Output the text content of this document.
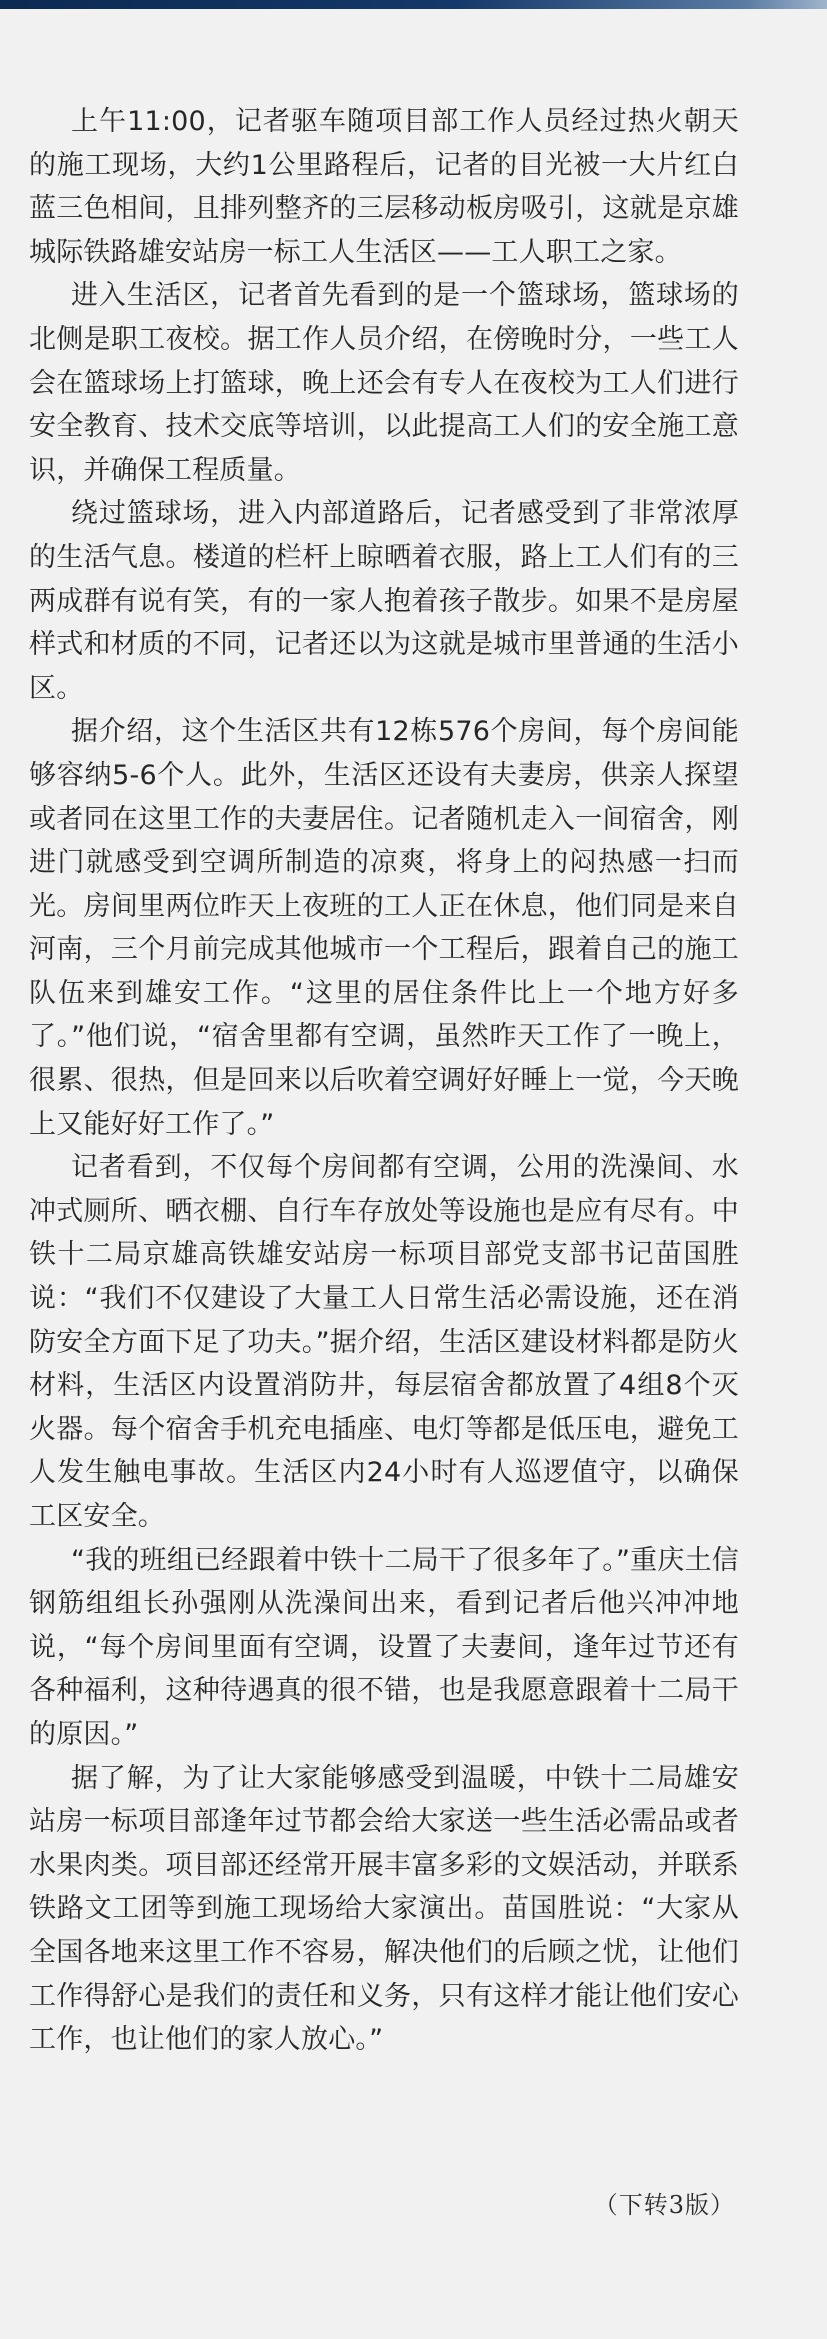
上午11:00，记者驱车随项目部工作人员经过热火朝天的施工现场，大约1公里路程后，记者的目光被一大片红白蓝三色相间，且排列整齐的三层移动板房吸引，这就是京雄城际铁路雄安站房一标工人生活区——工人职工之家。

进入生活区，记者首先看到的是一个篮球场，篮球场的北侧是职工夜校。据工作人员介绍，在傍晚时分，一些工人会在篮球场上打篮球，晚上还会有专人在夜校为工人们进行安全教育、技术交底等培训，以此提高工人们的安全施工意识，并确保工程质量。

绕过篮球场，进入内部道路后，记者感受到了非常浓厚的生活气息。楼道的栏杆上晾晒着衣服，路上工人们有的三两成群有说有笑，有的一家人抱着孩子散步。如果不是房屋样式和材质的不同，记者还以为这就是城市里普通的生活小区。

据介绍，这个生活区共有12栋576个房间，每个房间能够容纳5-6个人。此外，生活区还设有夫妻房，供亲人探望或者同在这里工作的夫妻居住。记者随机走入一间宿舍，刚进门就感受到空调所制造的凉爽，将身上的闷热感一扫而光。房间里两位昨天上夜班的工人正在休息，他们同是来自河南，三个月前完成其他城市一个工程后，跟着自己的施工队伍来到雄安工作。“这里的居住条件比上一个地方好多了。”他们说，“宿舍里都有空调，虽然昨天工作了一晚上，很累、很热，但是回来以后吹着空调好好睡上一觉，今天晚上又能好好工作了。”

记者看到，不仅每个房间都有空调，公用的洗澡间、水冲式厕所、晒衣棚、自行车存放处等设施也是应有尽有。中铁十二局京雄高铁雄安站房一标项目部党支部书记苗国胜说：“我们不仅建设了大量工人日常生活必需设施，还在消防安全方面下足了功夫。”据介绍，生活区建设材料都是防火材料，生活区内设置消防井，每层宿舍都放置了4组8个灭火器。每个宿舍手机充电插座、电灯等都是低压电，避免工人发生触电事故。生活区内24小时有人巡逻值守，以确保工区安全。

“我的班组已经跟着中铁十二局干了很多年了。”重庆土信钢筋组组长孙强刚从洗澡间出来，看到记者后他兴冲冲地说，“每个房间里面有空调，设置了夫妻间，逢年过节还有各种福利，这种待遇真的很不错，也是我愿意跟着十二局干的原因。”

据了解，为了让大家能够感受到温暖，中铁十二局雄安站房一标项目部逢年过节都会给大家送一些生活必需品或者水果肉类。项目部还经常开展丰富多彩的文娱活动，并联系铁路文工团等到施工现场给大家演出。苗国胜说：“大家从全国各地来这里工作不容易，解决他们的后顾之忧，让他们工作得舒心是我们的责任和义务，只有这样才能让他们安心工作，也让他们的家人放心。”

（下转3版）
